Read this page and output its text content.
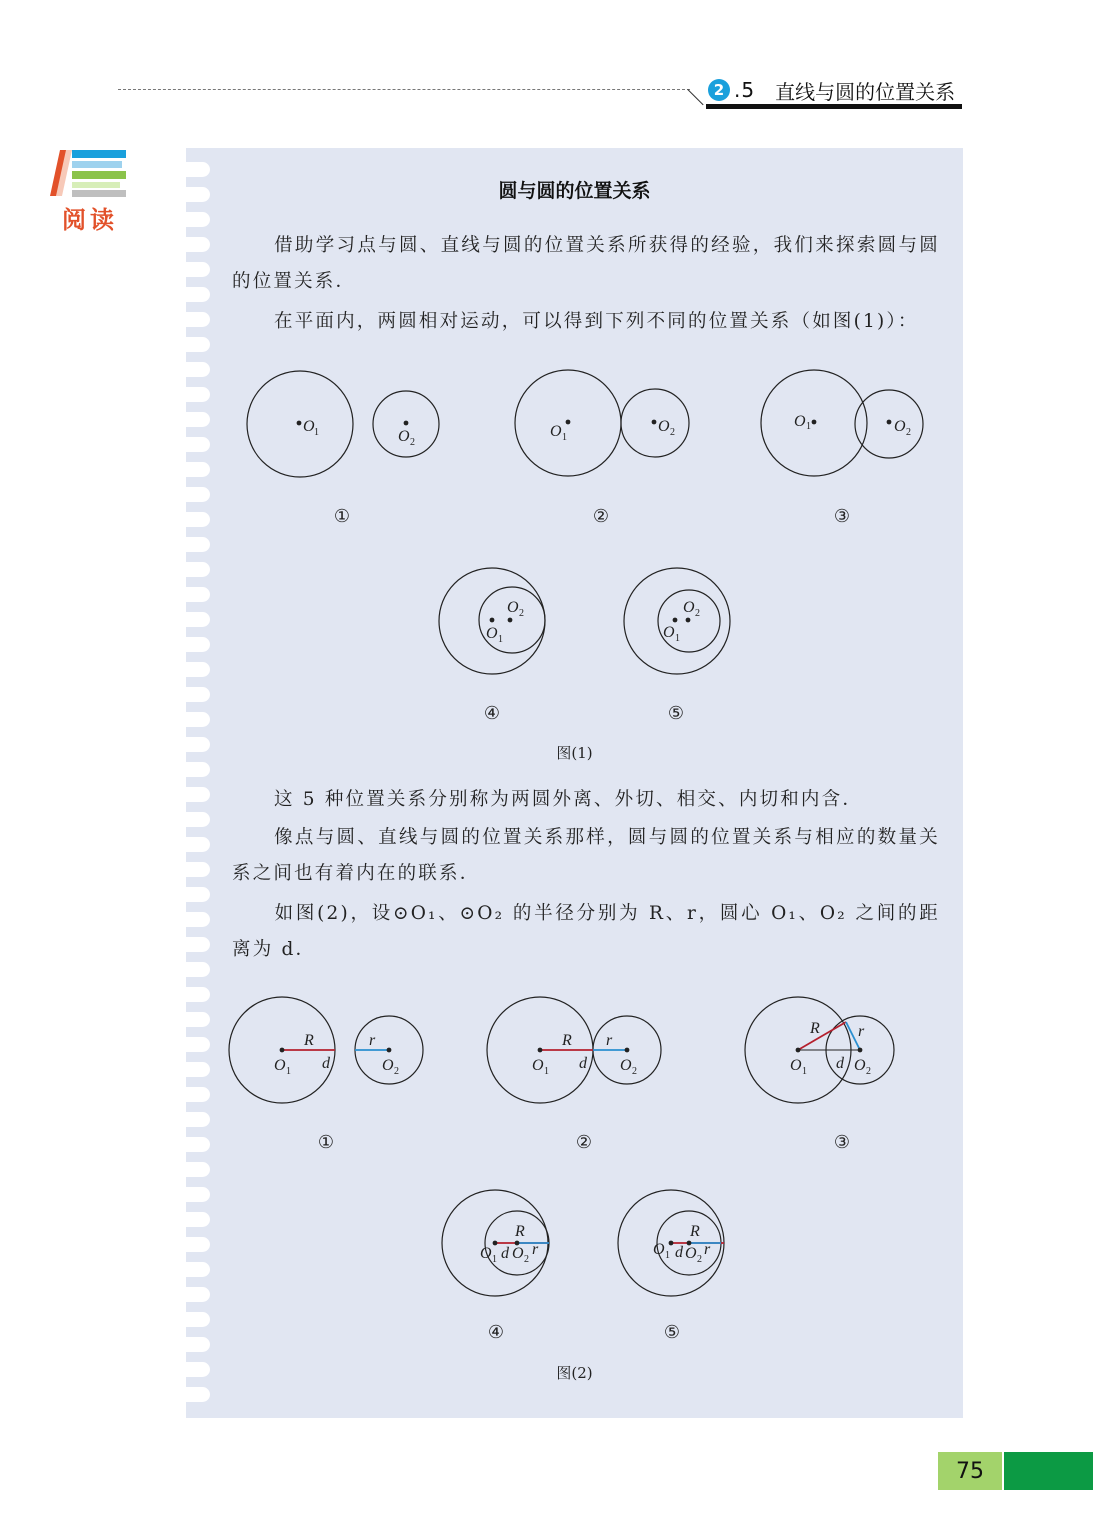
2 .5 直线与圆的位置关系
阅读
圆与圆的位置关系
借助学习点与圆、直线与圆的位置关系所获得的经验，我们来探索圆与圆的位置关系．
在平面内，两圆相对运动，可以得到下列不同的位置关系（如图(1)）：
O 1	O 2
O 1
O 2
O 1	O 2
O 2
O 1
O 2
O 1
①	②	③
④	⑤
图(1)
这 5 种位置关系分别称为两圆外离、外切、相交、内切和内含．
像点与圆、直线与圆的位置关系那样，圆与圆的位置关系与相应的数量关系之间也有着内在的联系．
如图(2)，设⊙O₁、⊙O₂ 的半径分别为 R、r，圆心 O₁、O₂ 之间的距离为 d．
R	r
d
O 1	O 2
R r
d
O 1	O 2
R r
d
O 1	O 2
R
r
d
O 1 O 2
R
r
d
O 1 O 2
①	②	③
④	⑤
图(2)
75
